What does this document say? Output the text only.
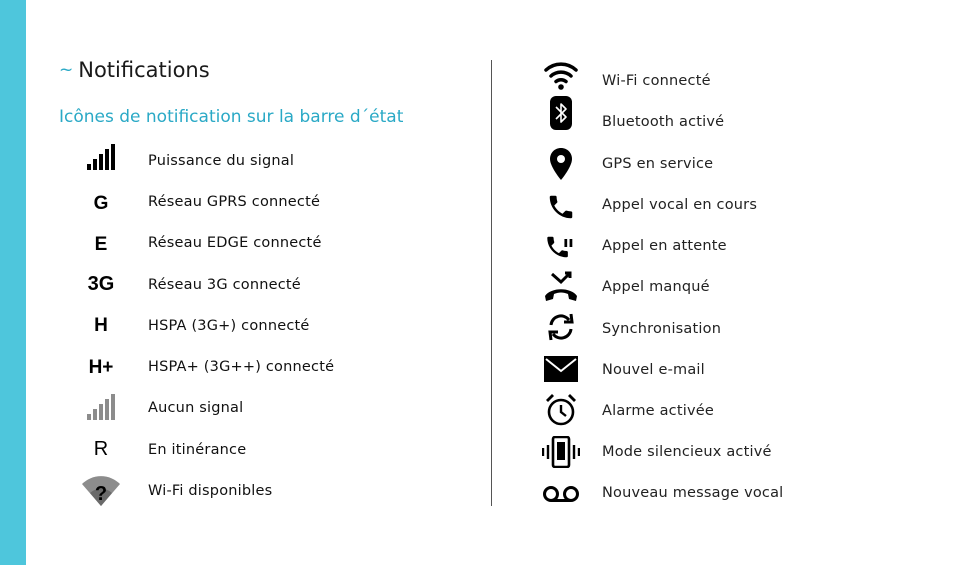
~ Notifications
Icônes de notification sur la barre d´état
Puissance du signal
G	Réseau GPRS connecté
E	Réseau EDGE connecté
3G Réseau 3G connecté
H	HSPA (3G+) connecté
H+ HSPA+ (3G++) connecté
Aucun signal
R	En itinérance
?	Wi-Fi disponibles
Wi-Fi connecté
Bluetooth activé
GPS en service
Appel vocal en cours
Appel en attente
Appel manqué
Synchronisation
Nouvel e-mail
Alarme activée
Mode silencieux activé
Nouveau message vocal
